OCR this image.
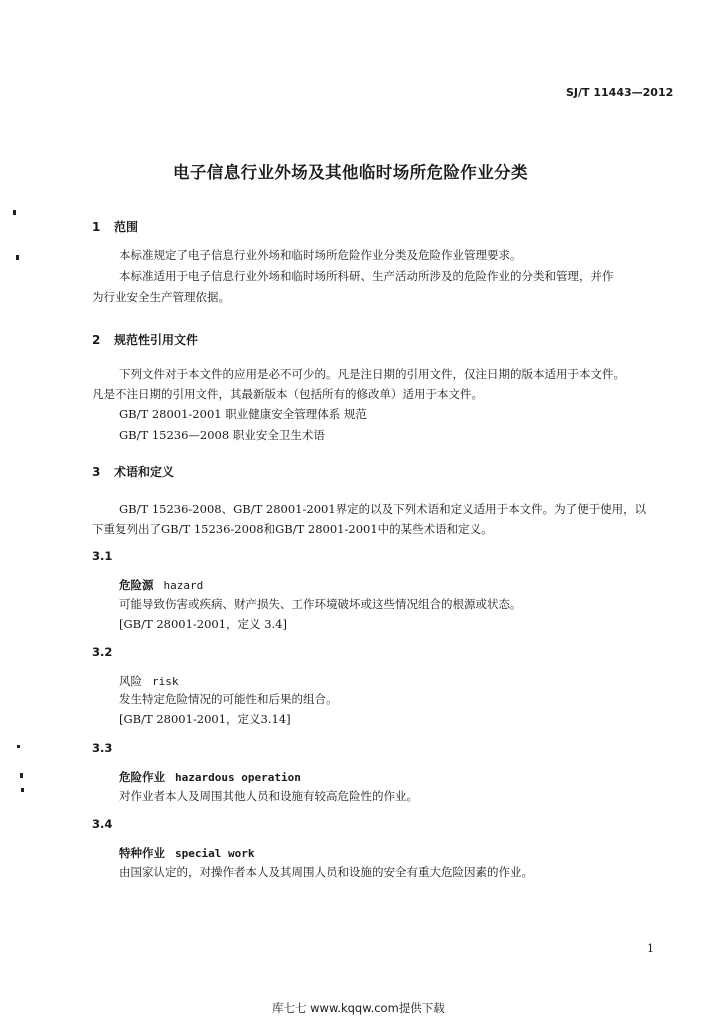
SJ/T 11443—2012
电子信息行业外场及其他临时场所危险作业分类
1 范围
本标准规定了电子信息行业外场和临时场所危险作业分类及危险作业管理要求。
本标准适用于电子信息行业外场和临时场所科研、生产活动所涉及的危险作业的分类和管理，并作
为行业安全生产管理依据。
2 规范性引用文件
下列文件对于本文件的应用是必不可少的。凡是注日期的引用文件，仅注日期的版本适用于本文件。
凡是不注日期的引用文件，其最新版本（包括所有的修改单）适用于本文件。
GB/T 28001-2001 职业健康安全管理体系 规范
GB/T 15236—2008 职业安全卫生术语
3 术语和定义
GB/T 15236-2008、GB/T 28001-2001界定的以及下列术语和定义适用于本文件。为了便于使用，以
下重复列出了GB/T 15236-2008和GB/T 28001-2001中的某些术语和定义。
3.1
危险源 hazard
可能导致伤害或疾病、财产损失、工作环境破坏或这些情况组合的根源或状态。
[GB/T 28001-2001，定义 3.4]
3.2
风险 risk
发生特定危险情况的可能性和后果的组合。
[GB/T 28001-2001，定义3.14]
3.3
危险作业 hazardous operation
对作业者本人及周围其他人员和设施有较高危险性的作业。
3.4
特种作业 special work
由国家认定的，对操作者本人及其周围人员和设施的安全有重大危险因素的作业。
1
库七七 www.kqqw.com提供下载
